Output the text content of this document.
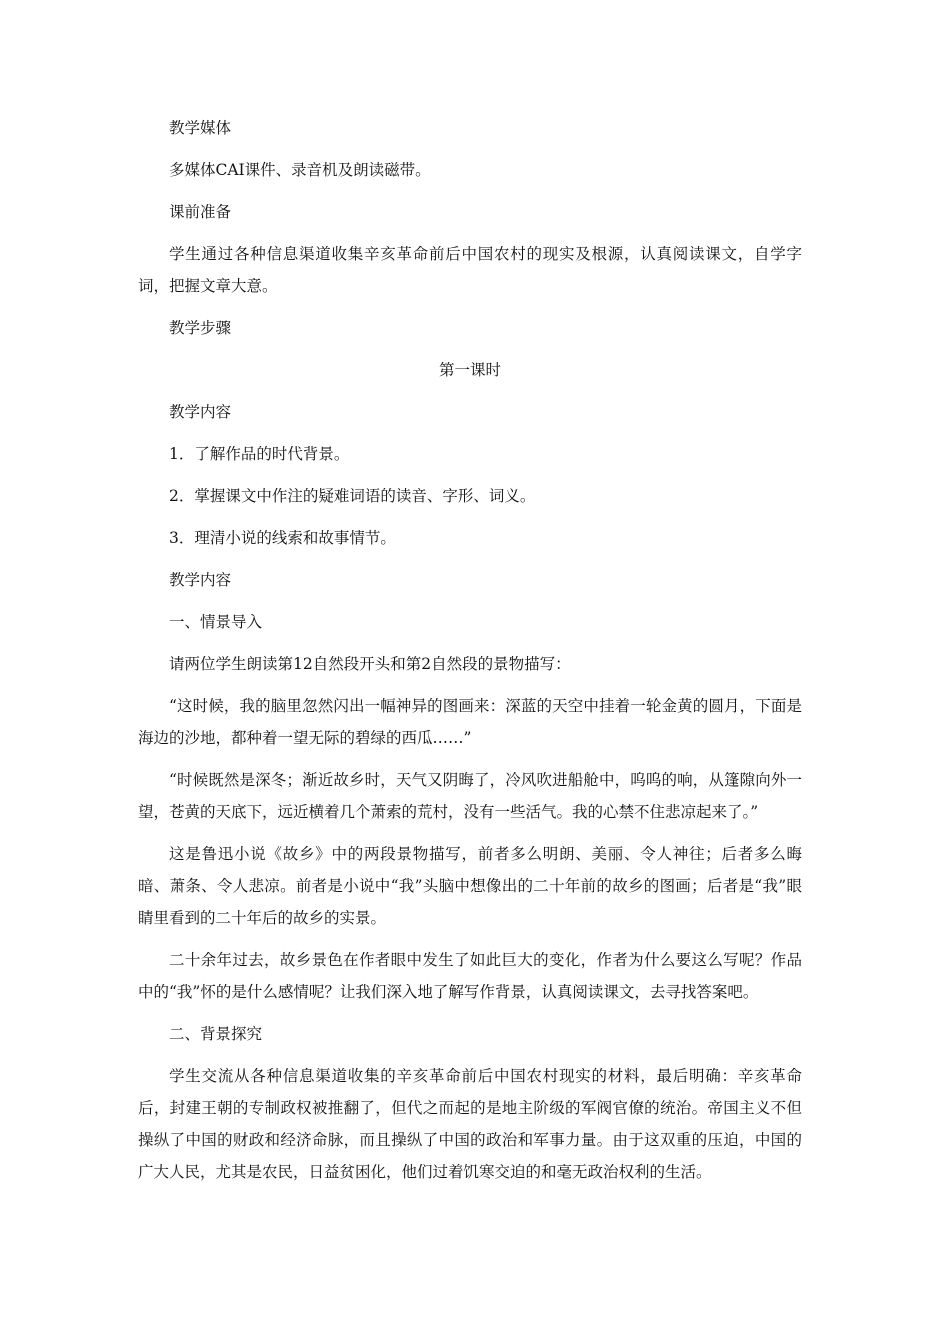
教学媒体

多媒体CAI课件、录音机及朗读磁带。

课前准备

学生通过各种信息渠道收集辛亥革命前后中国农村的现实及根源，认真阅读课文，自学字词，把握文章大意。

教学步骤

第一课时

教学内容

1．了解作品的时代背景。

2．掌握课文中作注的疑难词语的读音、字形、词义。

3．理清小说的线索和故事情节。

教学内容

一、情景导入

请两位学生朗读第12自然段开头和第2自然段的景物描写：

“这时候，我的脑里忽然闪出一幅神异的图画来：深蓝的天空中挂着一轮金黄的圆月，下面是海边的沙地，都种着一望无际的碧绿的西瓜……”

“时候既然是深冬；渐近故乡时，天气又阴晦了，冷风吹进船舱中，呜呜的响，从篷隙向外一望，苍黄的天底下，远近横着几个萧索的荒村，没有一些活气。我的心禁不住悲凉起来了。”

这是鲁迅小说《故乡》中的两段景物描写，前者多么明朗、美丽、令人神往；后者多么晦暗、萧条、令人悲凉。前者是小说中“我”头脑中想像出的二十年前的故乡的图画；后者是“我”眼睛里看到的二十年后的故乡的实景。

二十余年过去，故乡景色在作者眼中发生了如此巨大的变化，作者为什么要这么写呢？作品中的“我”怀的是什么感情呢？让我们深入地了解写作背景，认真阅读课文，去寻找答案吧。

二、背景探究

学生交流从各种信息渠道收集的辛亥革命前后中国农村现实的材料，最后明确：辛亥革命后，封建王朝的专制政权被推翻了，但代之而起的是地主阶级的军阀官僚的统治。帝国主义不但操纵了中国的财政和经济命脉，而且操纵了中国的政治和军事力量。由于这双重的压迫，中国的广大人民，尤其是农民，日益贫困化，他们过着饥寒交迫的和毫无政治权利的生活。
